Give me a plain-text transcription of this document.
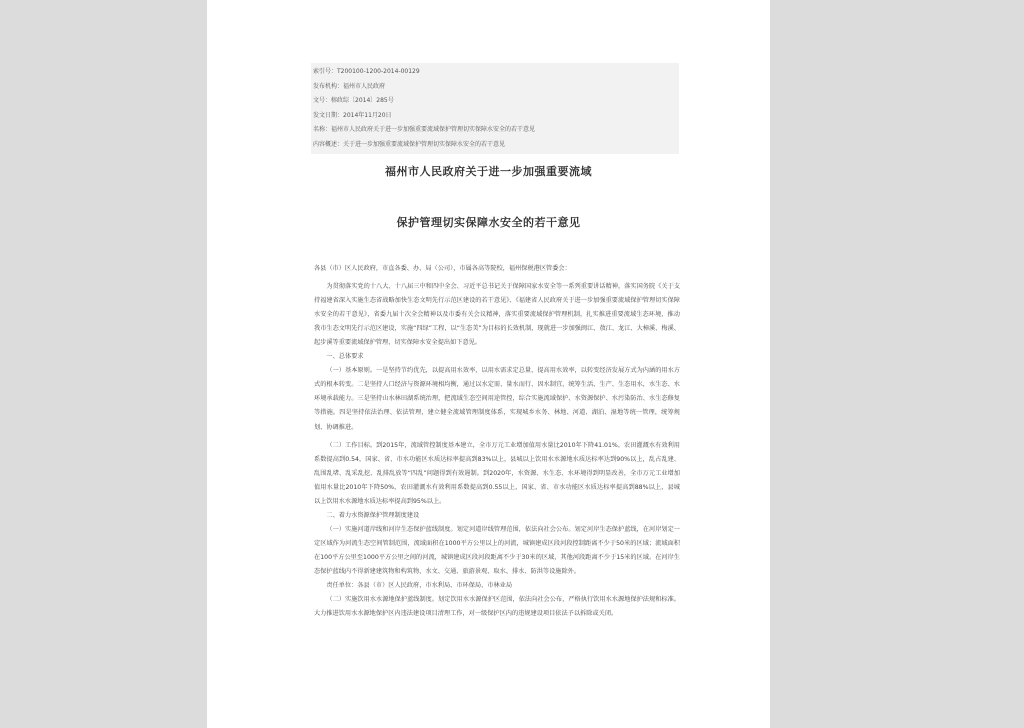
索引号：T200100-1200-2014-00129
发布机构：福州市人民政府
文号：榕政综〔2014〕285号
发文日期：2014年11月20日
名称：福州市人民政府关于进一步加强重要流域保护管理切实保障水安全的若干意见
内容概述：关于进一步加强重要流域保护管理切实保障水安全的若干意见
福州市人民政府关于进一步加强重要流域
保护管理切实保障水安全的若干意见

各县（市）区人民政府，市直各委、办、局（公司），市属各高等院校，福州保税港区管委会：

为贯彻落实党的十八大、十八届三中和四中全会、习近平总书记关于保障国家水安全等一系列重要讲话精神，落实国务院《关于支持福建省深入实施生态省战略加快生态文明先行示范区建设的若干意见》、《福建省人民政府关于进一步加强重要流域保护管理切实保障水安全的若干意见》，省委九届十次全会精神以及市委有关会议精神，落实重要流域保护管理机制，扎实推进重要流域生态环境，推动我市生态文明先行示范区建设，实施“四绿”工程，以“生态美”为目标的长效机制，现就进一步加强闽江、敖江、龙江、大樟溪、梅溪、起步溪等重要流域保护管理、切实保障水安全提出如下意见。

一、总体要求

（一）基本原则。一是坚持节约优先，以提高用水效率，以用水需求定总量，提高用水效率，以转变经济发展方式为内涵的用水方式的根本转变。二是坚持人口经济与资源环境相均衡，通过以水定需、量水而行、因水制宜，统筹生活、生产、生态用水，水生态、水环境承载能力。三是坚持山水林田湖系统治理，把流域生态空间用途管控，综合实施流域保护、水资源保护、水污染防治、水生态修复等措施。四是坚持依法治理、依法管理，建立健全流域管理制度体系，实现城乡水务、林地、河道、湖泊、湿地等统一管理，统筹规划、协调推进。

（二）工作目标。到2015年，流域管控制度基本建立，全市万元工业增加值用水量比2010年下降41.01%，农田灌溉水有效利用系数提高到0.54，国家、省、市水功能区水质达标率提高到83%以上，县城以上饮用水水源地水质达标率达到90%以上，乱占乱建、乱围乱堵、乱采乱挖、乱排乱放等“四乱”问题得到有效遏制。到2020年，水资源、水生态、水环境得到明显改善，全市万元工业增加值用水量比2010年下降50%，农田灌溉水有效利用系数提高到0.55以上，国家、省、市水功能区水质达标率提高到88%以上，县城以上饮用水水源地水质达标率提高到95%以上。

二、着力水资源保护管理制度建设

（一）实施河道岸线和河岸生态保护蓝线制度。划定河道岸线管理范围，依法向社会公布。划定河岸生态保护蓝线，在河岸划定一定区域作为河流生态空间管制范围，流域面积在1000平方公里以上的河流，城镇建成区段河段控制距离不少于50米的区域；流域面积在100平方公里至1000平方公里之间的河流，城镇建成区段河段距离不少于30米的区域，其他河段距离不少于15米的区域。在河岸生态保护蓝线内不得新建建筑物和构筑物，水文、交通、旅游景观、取水、排水、防洪等设施除外。

责任单位：各县（市）区人民政府，市水利局、市环保局、市林业局

（二）实施饮用水水源地保护蓝线制度。划定饮用水水源保护区范围，依法向社会公布，严格执行饮用水水源地保护法规和标准。大力推进饮用水水源地保护区内违法建设项目清理工作，对一级保护区内的违规建设项目依法予以拆除或关闭。
